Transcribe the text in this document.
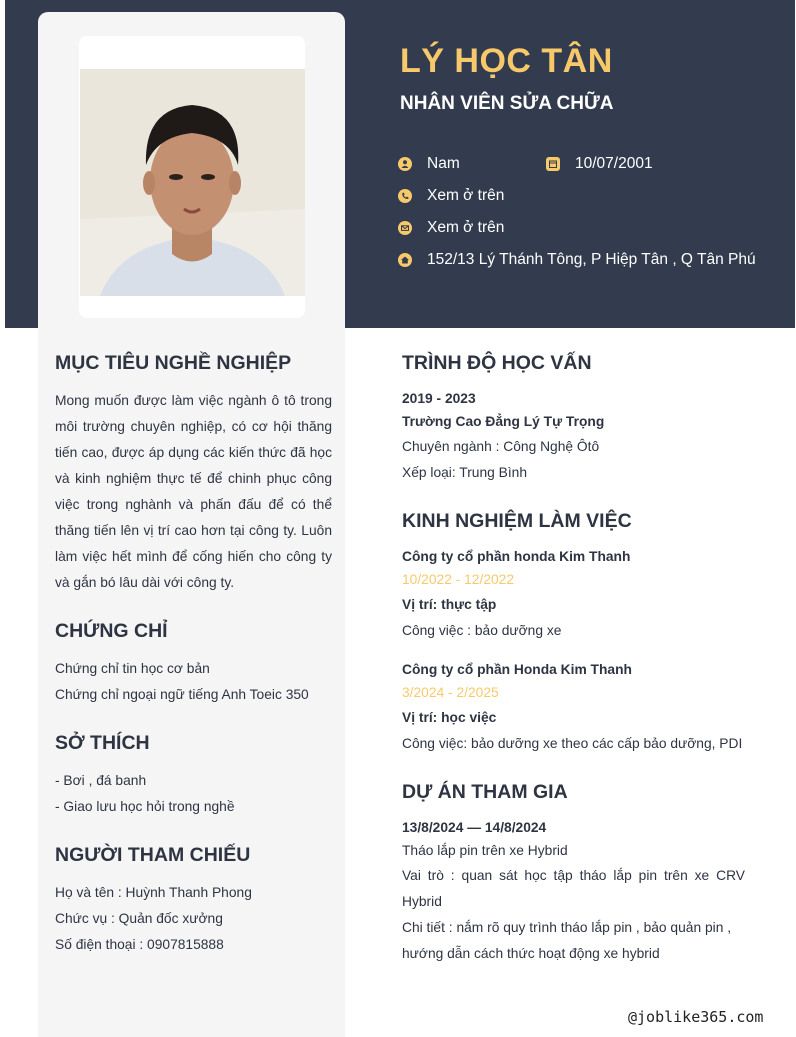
LÝ HỌC TÂN
NHÂN VIÊN SỬA CHỮA
Nam	10/07/2001
Xem ở trên
Xem ở trên
152/13 Lý Thánh Tông, P Hiệp Tân , Q Tân Phú
MỤC TIÊU NGHỀ NGHIỆP
Mong muốn được làm việc ngành ô tô trong môi trường chuyên nghiệp, có cơ hội thăng tiến cao, được áp dụng các kiến thức đã học và kinh nghiệm thực tế để chinh phục công việc trong nghành và phấn đấu để có thể thăng tiến lên vị trí cao hơn tại công ty. Luôn làm việc hết mình để cống hiến cho công ty và gắn bó lâu dài với công ty.
CHỨNG CHỈ
Chứng chỉ tin học cơ bản
Chứng chỉ ngoại ngữ tiếng Anh Toeic 350
SỞ THÍCH
- Bơi , đá banh
- Giao lưu học hỏi trong nghề
NGƯỜI THAM CHIẾU
Họ và tên : Huỳnh Thanh Phong
Chức vụ : Quản đốc xưởng
Số điện thoại : 0907815888
TRÌNH ĐỘ HỌC VẤN
2019 - 2023
Trường Cao Đẳng Lý Tự Trọng
Chuyên ngành : Công Nghệ Ôtô
Xếp loại: Trung Bình
KINH NGHIỆM LÀM VIỆC
Công ty cổ phần honda Kim Thanh
10/2022 - 12/2022
Vị trí: thực tập
Công việc : bảo dưỡng xe
Công ty cổ phần Honda Kim Thanh
3/2024 - 2/2025
Vị trí: học việc
Công việc: bảo dưỡng xe theo các cấp bảo dưỡng, PDI
DỰ ÁN THAM GIA
13/8/2024 — 14/8/2024
Tháo lắp pin trên xe Hybrid
Vai trò : quan sát học tập tháo lắp pin trên xe CRV Hybrid
Chi tiết : nắm rõ quy trình tháo lắp pin , bảo quản pin , hướng dẫn cách thức hoạt động xe hybrid
@joblike365.com
